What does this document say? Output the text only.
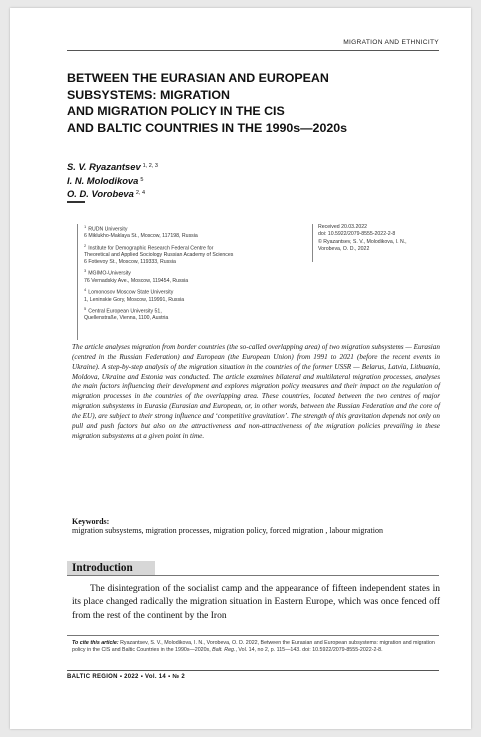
MIGRATION AND ETHNICITY
BETWEEN THE EURASIAN AND EUROPEAN
SUBSYSTEMS: MIGRATION
AND MIGRATION POLICY IN THE CIS
AND BALTIC COUNTRIES IN THE 1990s—2020s
S. V. Ryazantsev $^{1, 2, 3}$
I. N. Molodikova $^5$
O. D. Vorobeva $^{2, 4}$
$^1$RUDN University
6 Miklukho-Maklaya St., Moscow, 117198, Russia
$^2$Institute for Demographic Research Federal Centre for
Theoretical and Applied Sociology Russian Academy of Sciences
6 Fotievoy St., Moscow, 119333, Russia
$^3$MGIMO-University
76 Vernadskiy Ave., Moscow, 119454, Russia
$^4$Lomonosov Moscow State University
1, Leninskie Gory, Moscow, 119991, Russia
$^5$Central European University 51,
Quellenstraße, Vienna, 1100, Austria
Received 20.03.2022
doi: 10.5922/2079-8555-2022-2-8
© Ryazantsev, S. V., Molodikova, I. N.,
Vorobeva, O. D., 2022

The article analyses migration from border countries (the so-called overlapping area) of two migration subsystems — Eurasian (centred in the Russian Federation) and European (the European Union) from 1991 to 2021 (before the recent events in Ukraine). A step-by-step analysis of the migration situation in the countries of the former USSR — Belarus, Latvia, Lithuania, Moldova, Ukraine and Estonia was conducted. The article examines bilateral and multilateral migration processes, analyses the main factors influencing their development and explores migration policy measures and their impact on the regulation of migration processes in the countries of the overlapping area. These countries, located between the two centres of major migration subsystems in Eurasia (Eurasian and European, or, in other words, between the Russian Federation and the core of the EU), are subject to their strong influence and ‘competitive gravitation’. The strength of this gravitation depends not only on pull and push factors but also on the attractiveness and non-attractiveness of the migration policies prevailing in these migration subsystems at a given point in time.

Keywords:
migration subsystems, migration processes, migration policy, forced migration , labour migration
Introduction

The disintegration of the socialist camp and the appearance of fifteen independent states in its place changed radically the migration situation in Eastern Europe, which was once fenced off from the rest of the continent by the Iron

To cite this article: Ryazantsev, S. V., Molodikova, I. N., Vorobeva, O. D. 2022, Between the Eurasian and European subsystems: migration and migration policy in the CIS and Baltic Countries in the 1990s—2020s, Balt. Reg., Vol. 14, no 2, p. 115—143. doi: 10.5922/2079-8555-2022-2-8.

BALTIC REGION ▪ 2022 ▪ Vol. 14 ▪ № 2
